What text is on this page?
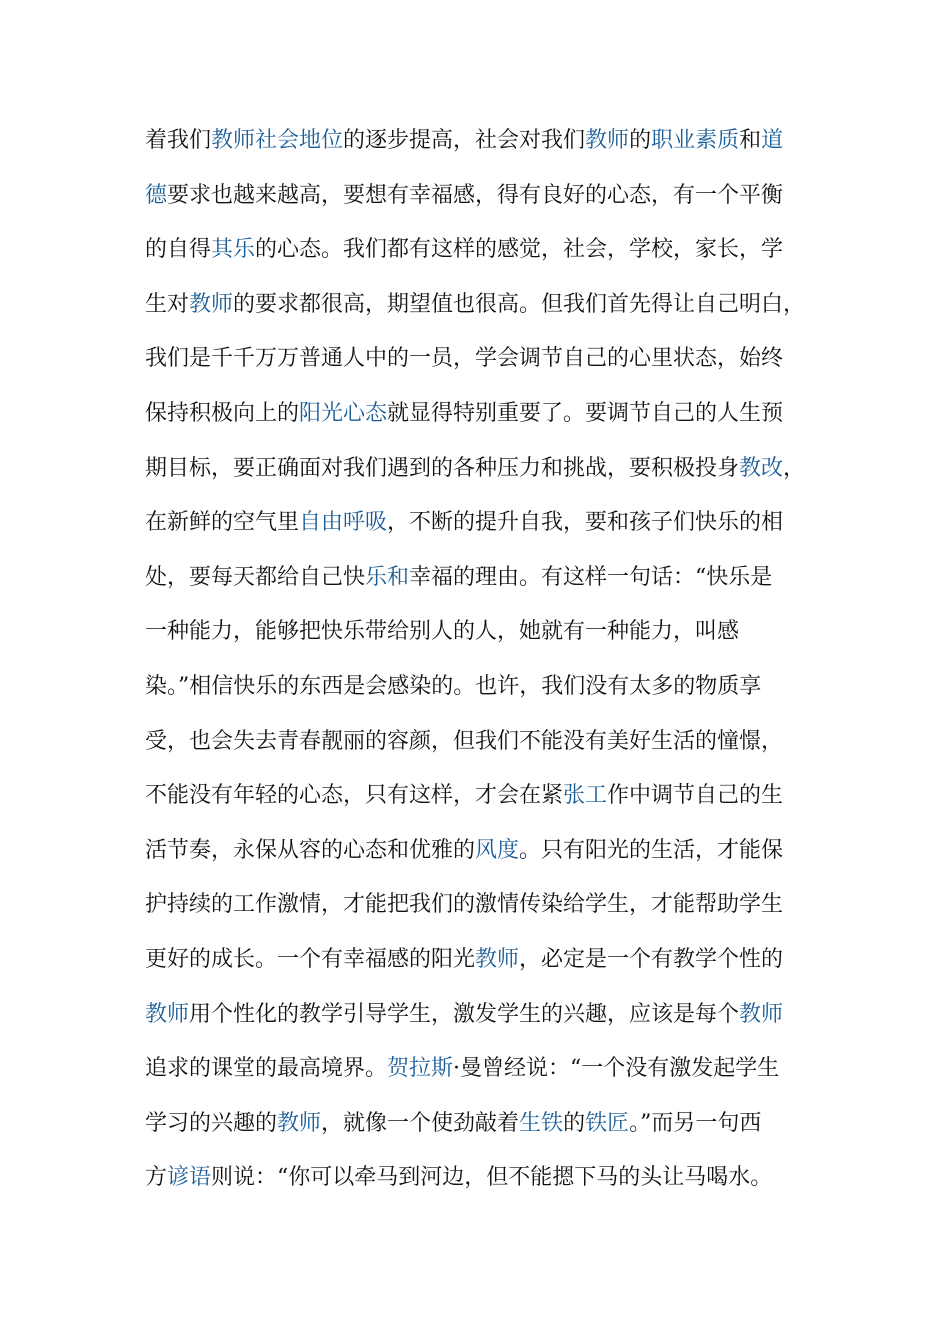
着我们教师社会地位的逐步提高，社会对我们教师的职业素质和道
德要求也越来越高，要想有幸福感，得有良好的心态，有一个平衡
的自得其乐的心态。我们都有这样的感觉，社会，学校，家长，学
生对教师的要求都很高，期望值也很高。但我们首先得让自己明白，
我们是千千万万普通人中的一员，学会调节自己的心里状态，始终
保持积极向上的阳光心态就显得特别重要了。要调节自己的人生预
期目标，要正确面对我们遇到的各种压力和挑战，要积极投身教改，
在新鲜的空气里自由呼吸，不断的提升自我，要和孩子们快乐的相
处，要每天都给自己快乐和幸福的理由。有这样一句话：“快乐是
一种能力，能够把快乐带给别人的人，她就有一种能力，叫感
染。”相信快乐的东西是会感染的。也许，我们没有太多的物质享
受，也会失去青春靓丽的容颜，但我们不能没有美好生活的憧憬，
不能没有年轻的心态，只有这样，才会在紧张工作中调节自己的生
活节奏，永保从容的心态和优雅的风度。只有阳光的生活，才能保
护持续的工作激情，才能把我们的激情传染给学生，才能帮助学生
更好的成长。一个有幸福感的阳光教师，必定是一个有教学个性的
教师用个性化的教学引导学生，激发学生的兴趣，应该是每个教师
追求的课堂的最高境界。贺拉斯·曼曾经说：“一个没有激发起学生
学习的兴趣的教师，就像一个使劲敲着生铁的铁匠。”而另一句西
方谚语则说：“你可以牵马到河边，但不能摁下马的头让马喝水。
